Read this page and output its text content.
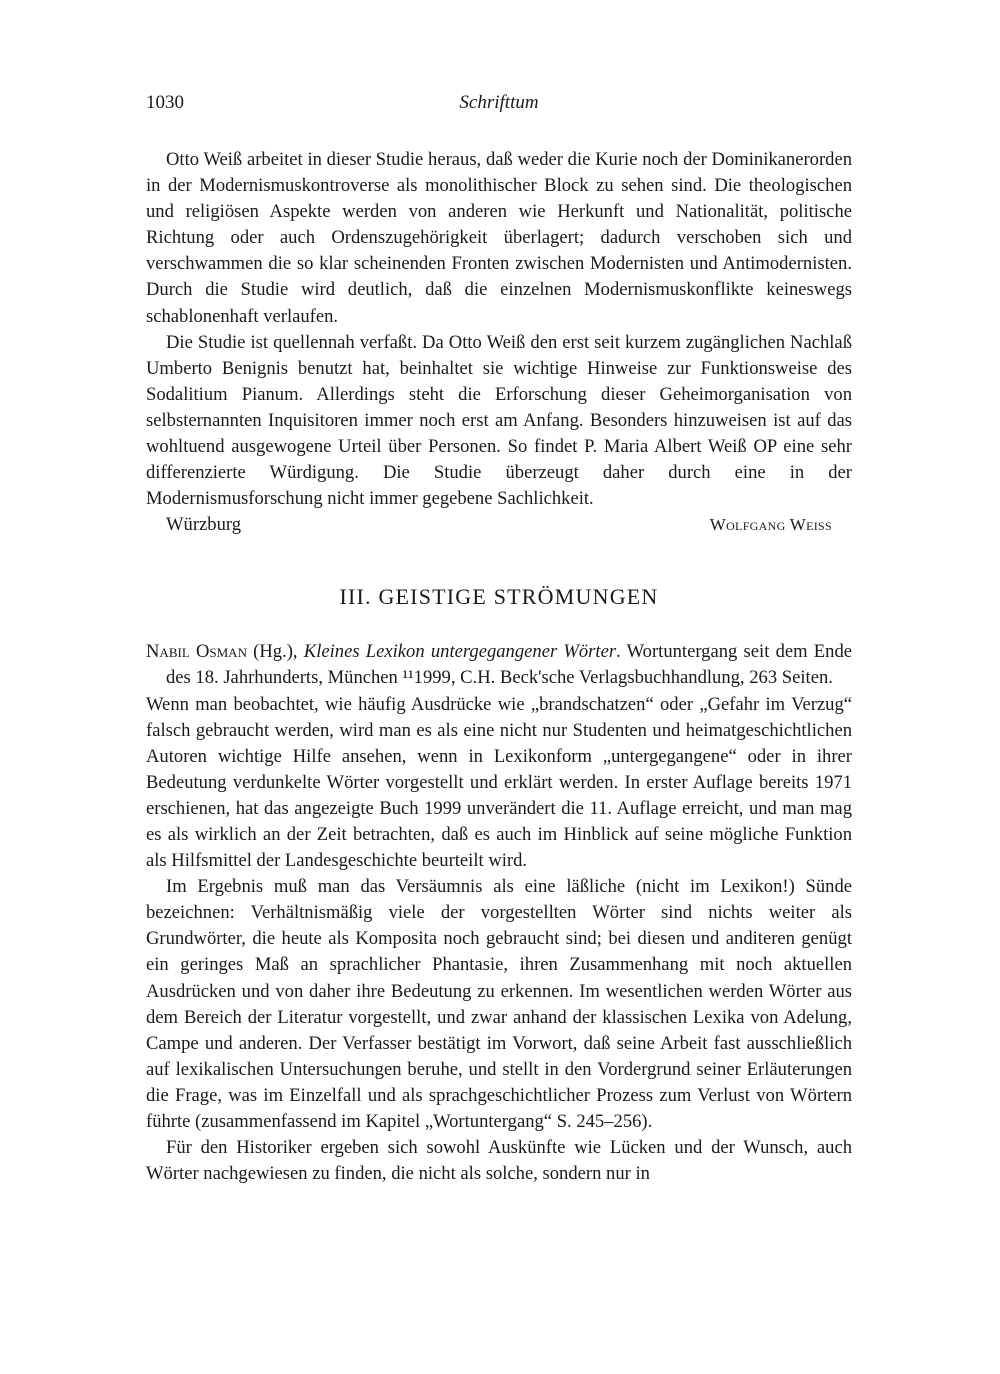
1030	Schrifttum

Otto Weiß arbeitet in dieser Studie heraus, daß weder die Kurie noch der Dominikanerorden in der Modernismuskontroverse als monolithischer Block zu sehen sind. Die theologischen und religiösen Aspekte werden von anderen wie Herkunft und Nationalität, politische Richtung oder auch Ordenszugehörigkeit überlagert; dadurch verschoben sich und verschwammen die so klar scheinenden Fronten zwischen Modernisten und Antimodernisten. Durch die Studie wird deutlich, daß die einzelnen Modernismuskonflikte keineswegs schablonenhaft verlaufen.

Die Studie ist quellennah verfaßt. Da Otto Weiß den erst seit kurzem zugänglichen Nachlaß Umberto Benignis benutzt hat, beinhaltet sie wichtige Hinweise zur Funktionsweise des Sodalitium Pianum. Allerdings steht die Erforschung dieser Geheimorganisation von selbsternannten Inquisitoren immer noch erst am Anfang. Besonders hinzuweisen ist auf das wohltuend ausgewogene Urteil über Personen. So findet P. Maria Albert Weiß OP eine sehr differenzierte Würdigung. Die Studie überzeugt daher durch eine in der Modernismusforschung nicht immer gegebene Sachlichkeit.

Würzburg	Wolfgang Weiss
III. GEISTIGE STRÖMUNGEN

Nabil Osman (Hg.), Kleines Lexikon untergegangener Wörter. Wortuntergang seit dem Ende des 18. Jahrhunderts, München ¹¹1999, C.H. Beck'sche Verlagsbuchhandlung, 263 Seiten.

Wenn man beobachtet, wie häufig Ausdrücke wie „brandschatzen“ oder „Gefahr im Verzug“ falsch gebraucht werden, wird man es als eine nicht nur Studenten und heimatgeschichtlichen Autoren wichtige Hilfe ansehen, wenn in Lexikonform „untergegangene“ oder in ihrer Bedeutung verdunkelte Wörter vorgestellt und erklärt werden. In erster Auflage bereits 1971 erschienen, hat das angezeigte Buch 1999 unverändert die 11. Auflage erreicht, und man mag es als wirklich an der Zeit betrachten, daß es auch im Hinblick auf seine mögliche Funktion als Hilfsmittel der Landesgeschichte beurteilt wird.

Im Ergebnis muß man das Versäumnis als eine läßliche (nicht im Lexikon!) Sünde bezeichnen: Verhältnismäßig viele der vorgestellten Wörter sind nichts weiter als Grundwörter, die heute als Komposita noch gebraucht sind; bei diesen und anditeren genügt ein geringes Maß an sprachlicher Phantasie, ihren Zusammenhang mit noch aktuellen Ausdrücken und von daher ihre Bedeutung zu erkennen. Im wesentlichen werden Wörter aus dem Bereich der Literatur vorgestellt, und zwar anhand der klassischen Lexika von Adelung, Campe und anderen. Der Verfasser bestätigt im Vorwort, daß seine Arbeit fast ausschließlich auf lexikalischen Untersuchungen beruhe, und stellt in den Vordergrund seiner Erläuterungen die Frage, was im Einzelfall und als sprachgeschichtlicher Prozess zum Verlust von Wörtern führte (zusammenfassend im Kapitel „Wortuntergang“ S. 245–256).

Für den Historiker ergeben sich sowohl Auskünfte wie Lücken und der Wunsch, auch Wörter nachgewiesen zu finden, die nicht als solche, sondern nur in
